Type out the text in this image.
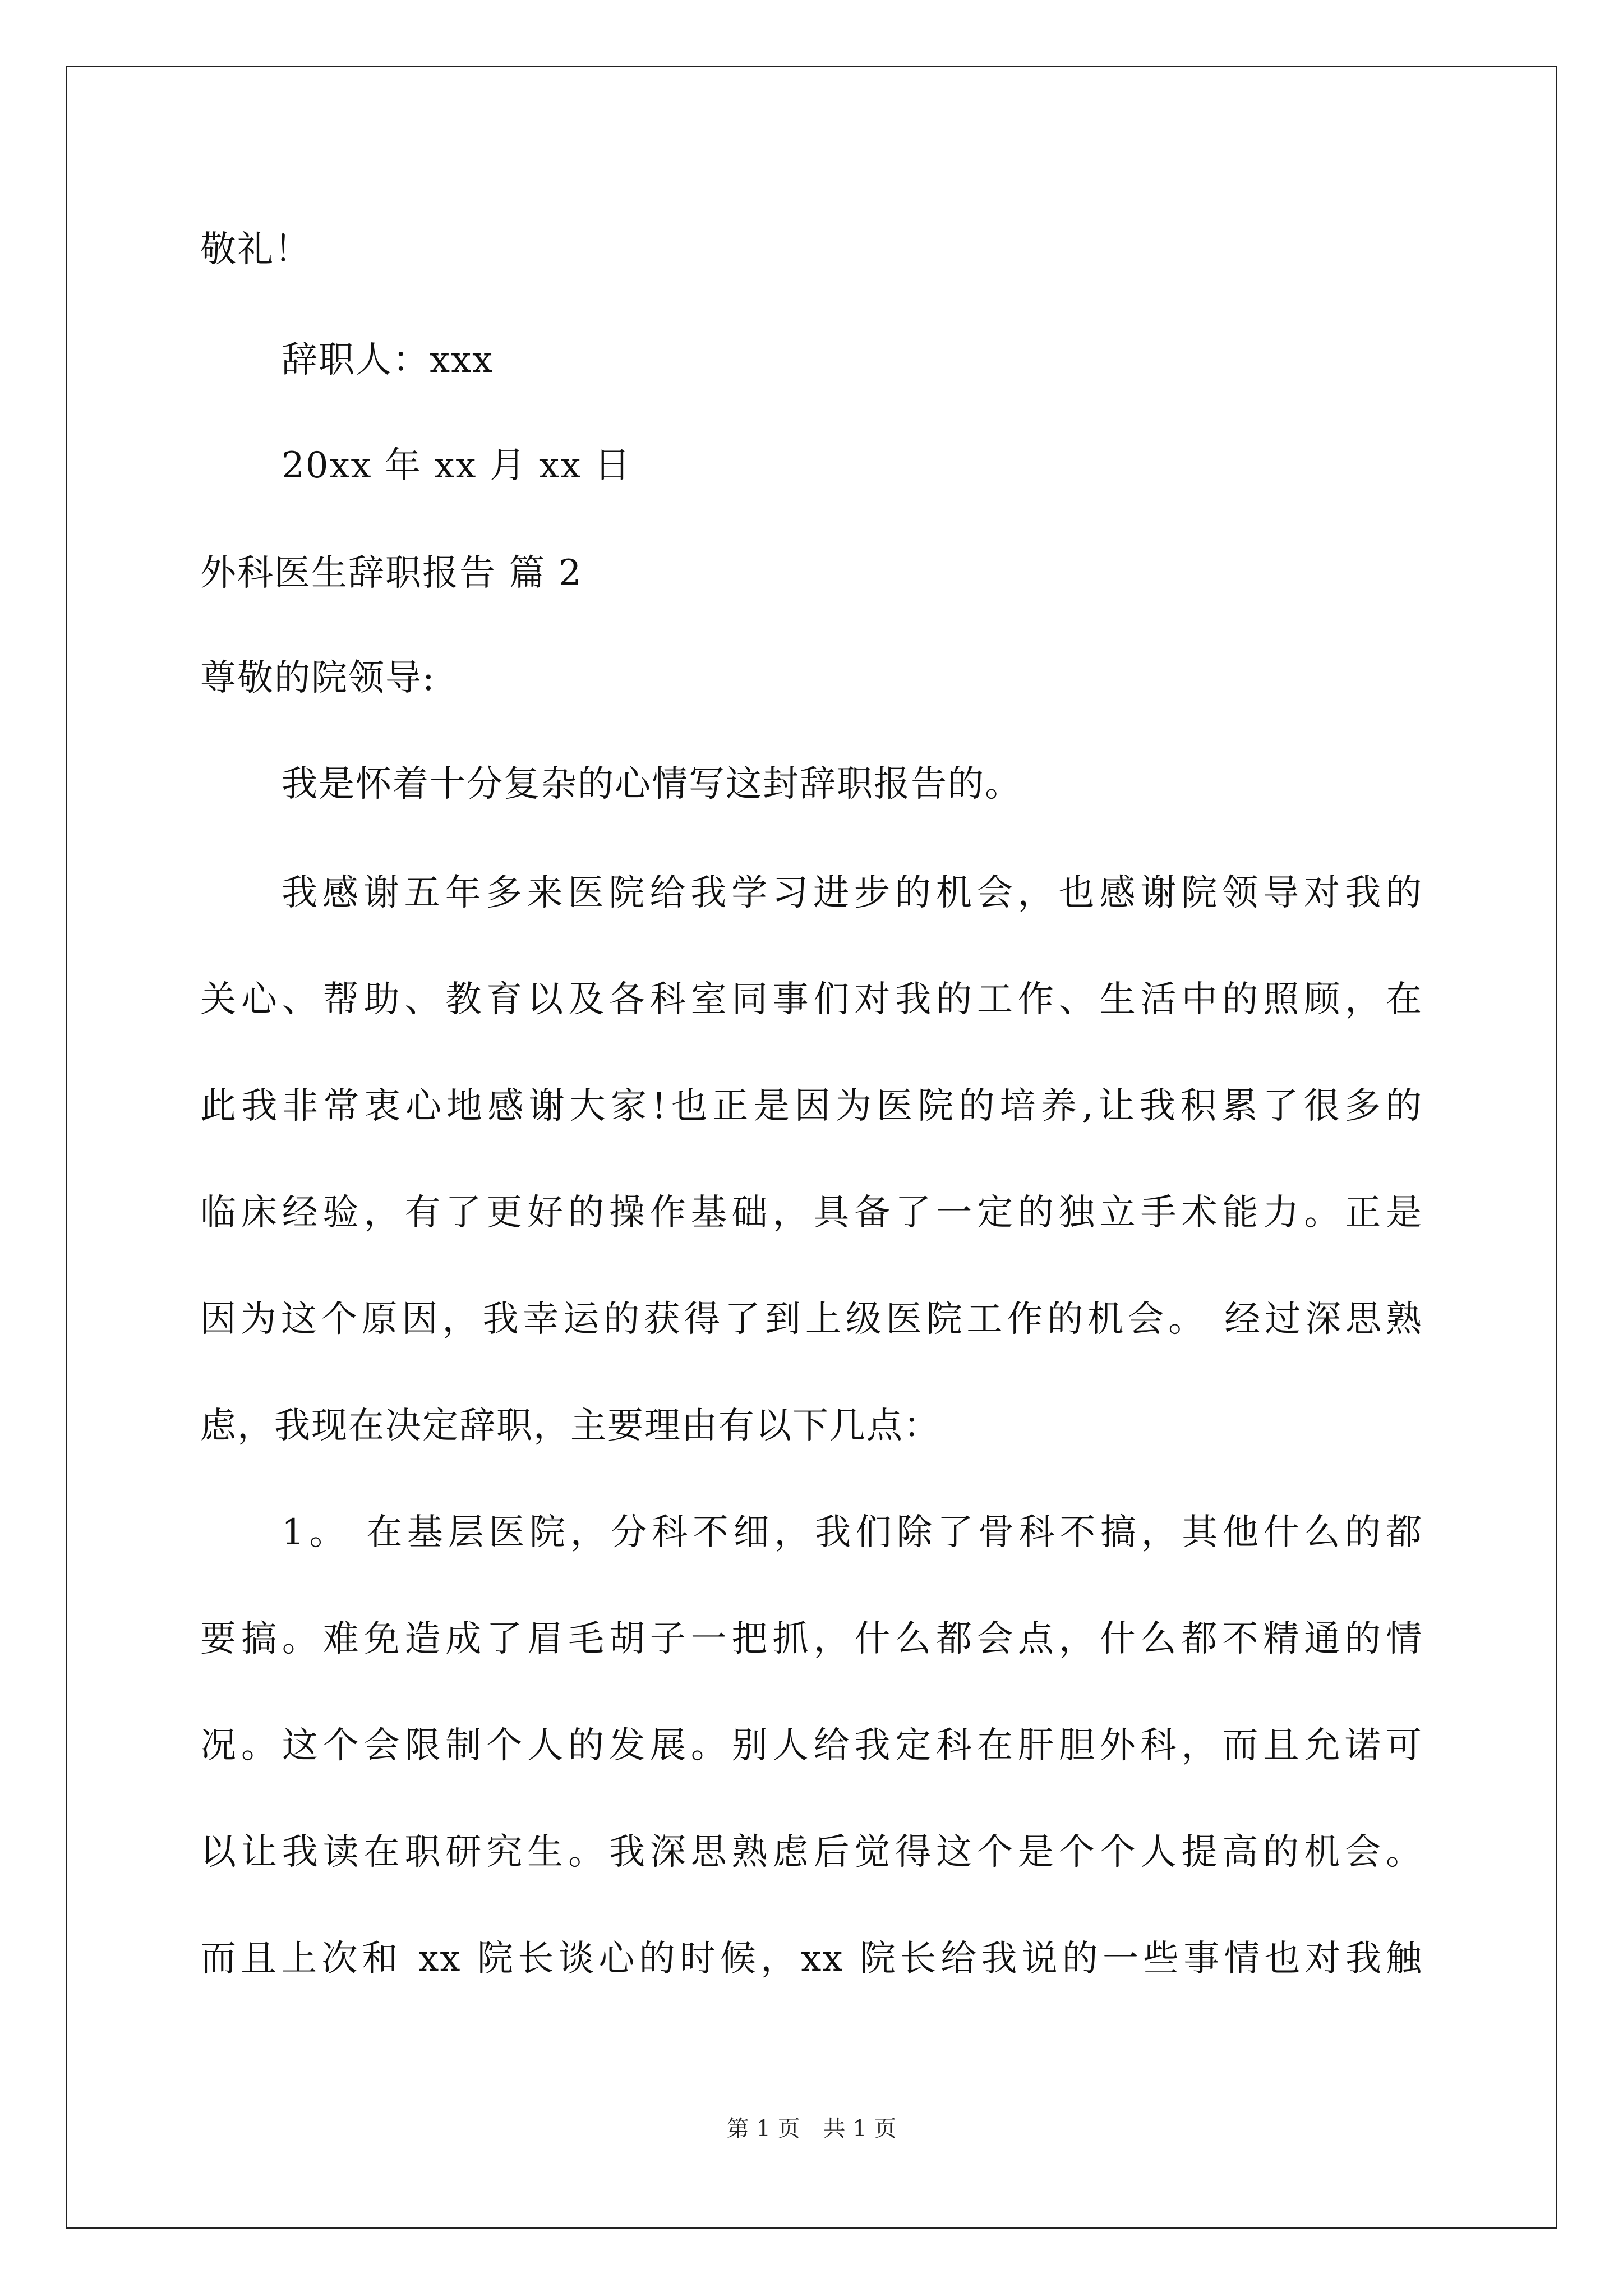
敬礼！
辞职人：xxx
20xx 年 xx 月 xx 日
外科医生辞职报告 篇 2
尊敬的院领导:
我是怀着十分复杂的心情写这封辞职报告的。
我感谢五年多来医院给我学习进步的机会，也感谢院领导对我的
关心、帮助、教育以及各科室同事们对我的工作、生活中的照顾，在
此我非常衷心地感谢大家!也正是因为医院的培养,让我积累了很多的
临床经验，有了更好的操作基础，具备了一定的独立手术能力。正是
因为这个原因，我幸运的获得了到上级医院工作的机会。 经过深思熟
虑，我现在决定辞职，主要理由有以下几点：
1。 在基层医院，分科不细，我们除了骨科不搞，其他什么的都
要搞。难免造成了眉毛胡子一把抓，什么都会点，什么都不精通的情
况。这个会限制个人的发展。别人给我定科在肝胆外科，而且允诺可
以让我读在职研究生。我深思熟虑后觉得这个是个个人提高的机会。
而且上次和 xx 院长谈心的时候，xx 院长给我说的一些事情也对我触
第 1 页 共 1 页
